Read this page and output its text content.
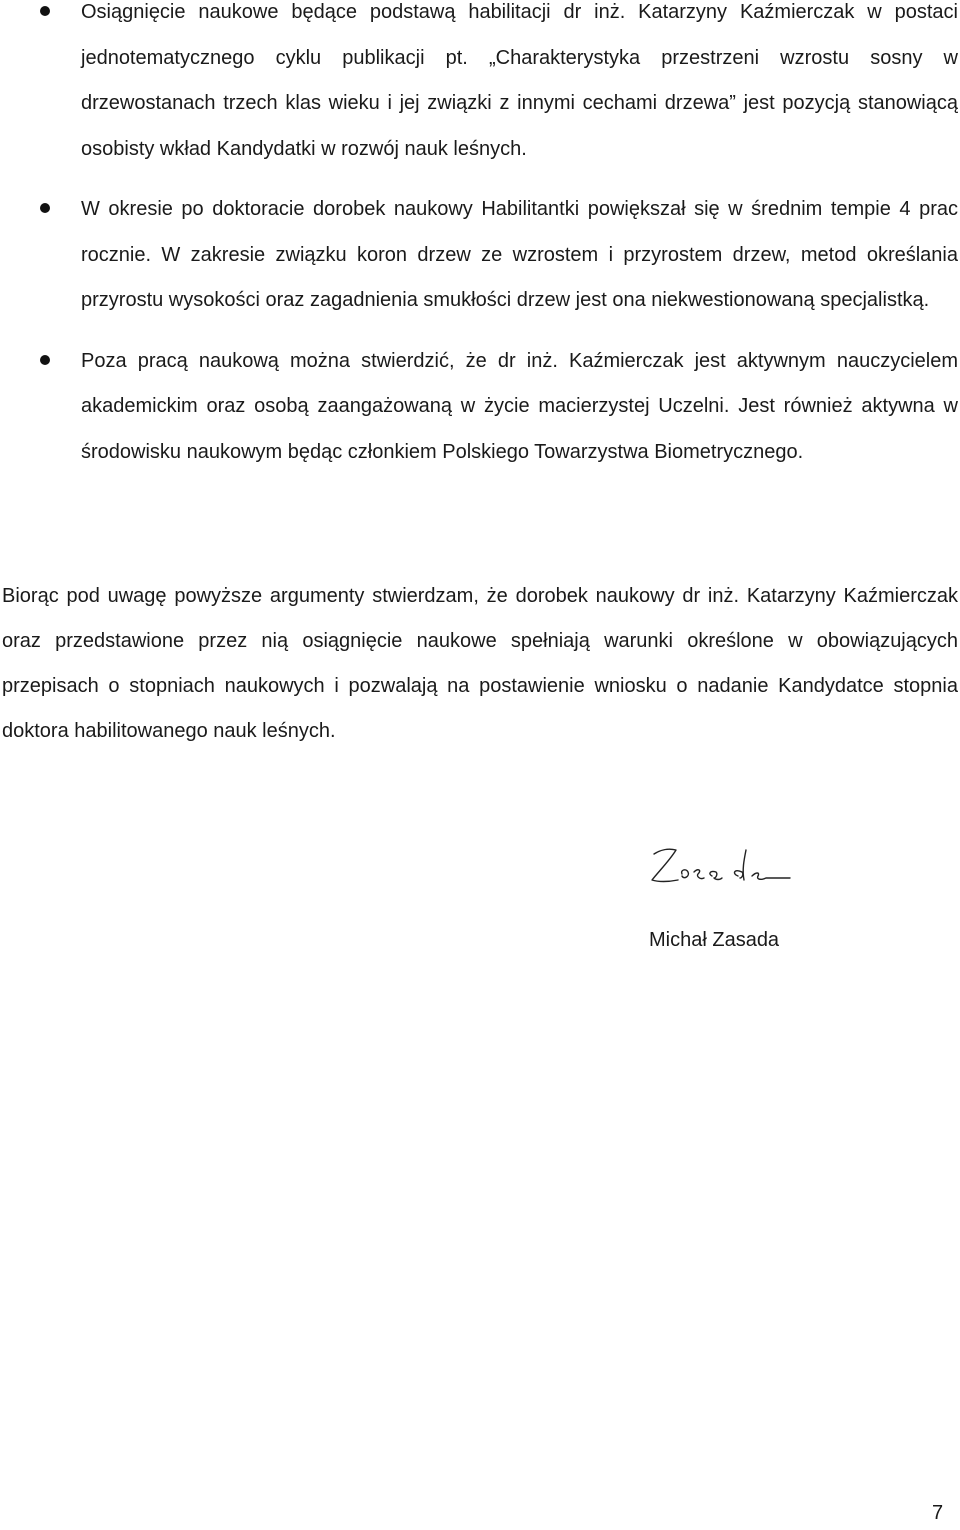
Osiągnięcie naukowe będące podstawą habilitacji dr inż. Katarzyny Kaźmierczak w postaci jednotematycznego cyklu publikacji pt. „Charakterystyka przestrzeni wzrostu sosny w drzewostanach trzech klas wieku i jej związki z innymi cechami drzewa” jest pozycją stanowiącą osobisty wkład Kandydatki w rozwój nauk leśnych.
W okresie po doktoracie dorobek naukowy Habilitantki powiększał się w średnim tempie 4 prac rocznie. W zakresie związku koron drzew ze wzrostem i przyrostem drzew, metod określania przyrostu wysokości oraz zagadnienia smukłości drzew jest ona niekwestionowaną specjalistką.
Poza pracą naukową można stwierdzić, że dr inż. Kaźmierczak jest aktywnym nauczycielem akademickim oraz osobą zaangażowaną w życie macierzystej Uczelni. Jest również aktywna w środowisku naukowym będąc członkiem Polskiego Towarzystwa Biometrycznego.

Biorąc pod uwagę powyższe argumenty stwierdzam, że dorobek naukowy dr inż. Katarzyny Kaźmierczak oraz przedstawione przez nią osiągnięcie naukowe spełniają warunki określone w obowiązujących przepisach o stopniach naukowych i pozwalają na postawienie wniosku o nadanie Kandydatce stopnia doktora habilitowanego nauk leśnych.

Michał Zasada
7
